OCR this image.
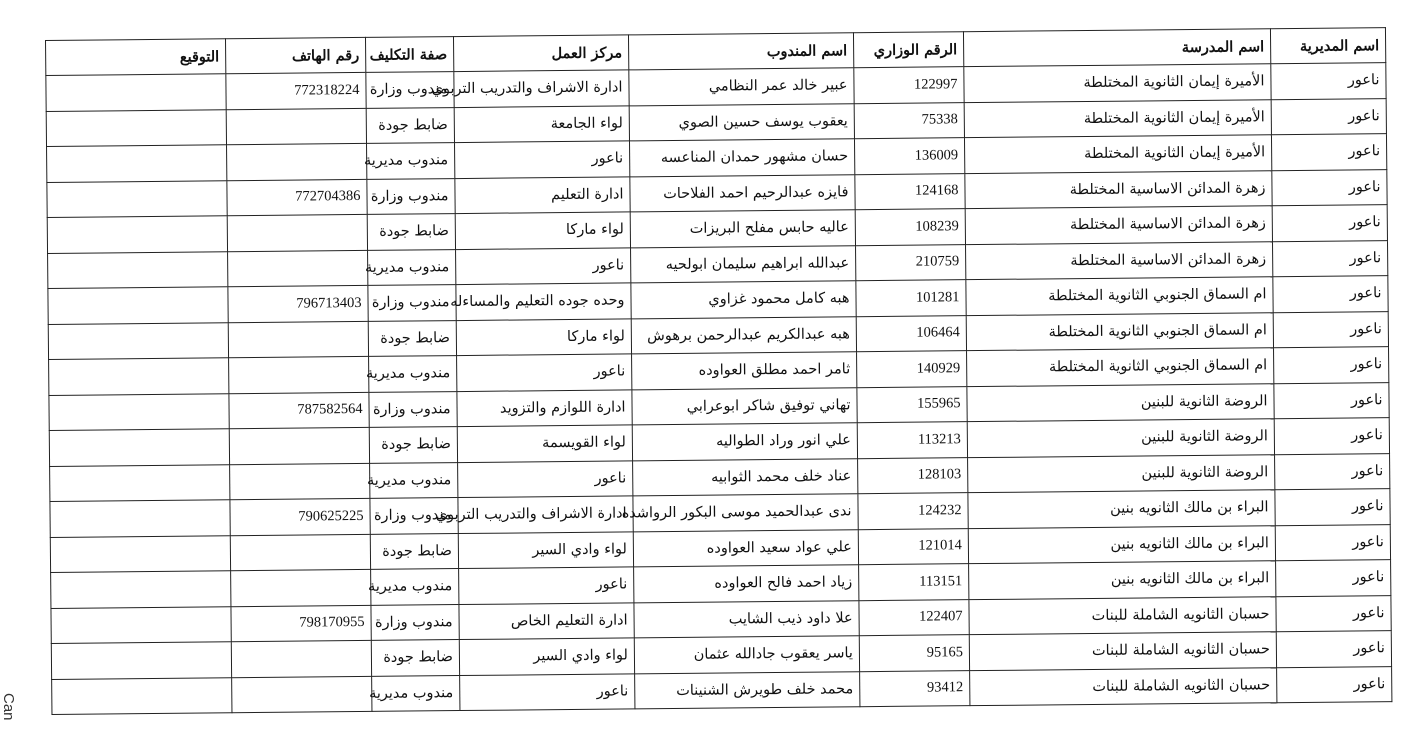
اسم المديرية	اسم المدرسة	الرقم الوزاري	اسم المندوب	مركز العمل	صفة التكليف	رقم الهاتف	التوقيع
ناعور	الأميرة إيمان الثانوية المختلطة	122997	عبير خالد عمر النظامي	ادارة الاشراف والتدريب التربوي	مندوب وزارة	772318224	
ناعور	الأميرة إيمان الثانوية المختلطة	75338	يعقوب يوسف حسين الصوي	لواء الجامعة	ضابط جودة		
ناعور	الأميرة إيمان الثانوية المختلطة	136009	حسان مشهور حمدان المناعسه	ناعور	مندوب مديرية		
ناعور	زهرة المدائن الاساسية المختلطة	124168	فايزه عبدالرحيم احمد الفلاحات	ادارة التعليم	مندوب وزارة	772704386	
ناعور	زهرة المدائن الاساسية المختلطة	108239	عاليه حابس مفلح البريزات	لواء ماركا	ضابط جودة		
ناعور	زهرة المدائن الاساسية المختلطة	210759	عبدالله ابراهيم سليمان ابولحيه	ناعور	مندوب مديرية		
ناعور	ام السماق الجنوبي الثانوية المختلطة	101281	هبه كامل محمود غزاوي	وحده جوده التعليم والمساءله	مندوب وزارة	796713403	
ناعور	ام السماق الجنوبي الثانوية المختلطة	106464	هبه عبدالكريم عبدالرحمن برهوش	لواء ماركا	ضابط جودة		
ناعور	ام السماق الجنوبي الثانوية المختلطة	140929	ثامر احمد مطلق العواوده	ناعور	مندوب مديرية		
ناعور	الروضة الثانوية للبنين	155965	تهاني توفيق شاكر ابوعرابي	ادارة اللوازم والتزويد	مندوب وزارة	787582564	
ناعور	الروضة الثانوية للبنين	113213	علي انور وراد الطواليه	لواء القويسمة	ضابط جودة		
ناعور	الروضة الثانوية للبنين	128103	عناد خلف محمد الثوابيه	ناعور	مندوب مديرية		
ناعور	البراء بن مالك الثانويه بنين	124232	ندى عبدالحميد موسى البكور الرواشده	ادارة الاشراف والتدريب التربوي	مندوب وزارة	790625225	
ناعور	البراء بن مالك الثانويه بنين	121014	علي عواد سعيد العواوده	لواء وادي السير	ضابط جودة		
ناعور	البراء بن مالك الثانويه بنين	113151	زياد احمد فالح العواوده	ناعور	مندوب مديرية		
ناعور	حسبان الثانويه الشاملة للبنات	122407	علا داود ذيب الشايب	ادارة التعليم الخاص	مندوب وزارة	798170955	
ناعور	حسبان الثانويه الشاملة للبنات	95165	ياسر يعقوب جادالله عثمان	لواء وادي السير	ضابط جودة		
ناعور	حسبان الثانويه الشاملة للبنات	93412	محمد خلف طويرش الشنينات	ناعور	مندوب مديرية		
Can
